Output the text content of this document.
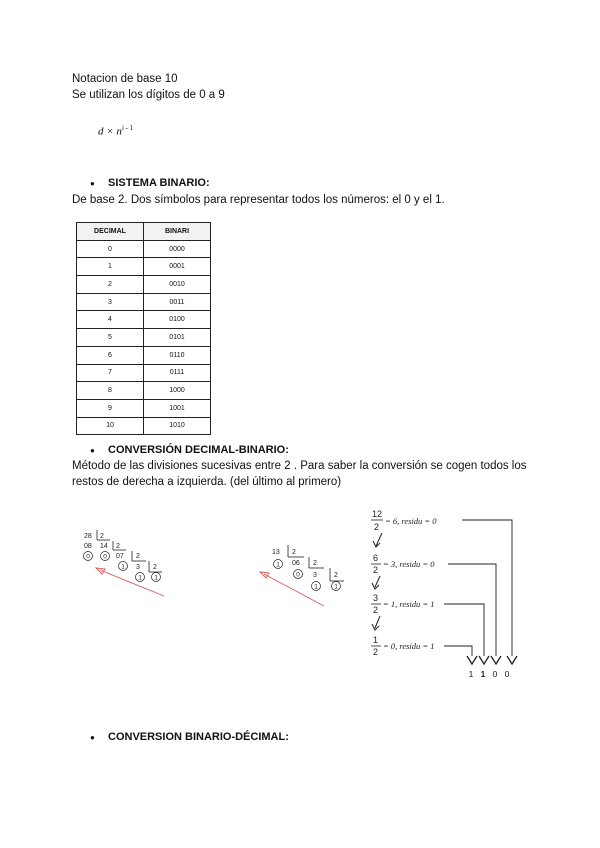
Notacion de base 10
Se utilizan los dígitos de 0 a 9
$d \times n^{i - 1}$
● SISTEMA BINARIO:
De base 2. Dos símbolos para representar todos los números: el 0 y el 1.
DECIMAL	BINARI
0	0000
1	0001
2	0010
3	0011
4	0100
5	0101
6	0110
7	0111
8	1000
9	1001
10	1010
● CONVERSIÓN DECIMAL-BINARIO:
Método de las divisiones sucesivas entre 2 . Para saber la conversión se cogen todos los
restos de derecha a izquierda. (del último al primero)
28 2
08 14 2
07 2
3 2
0 0
1
1 1
13 2
06 2
3 2
1
0
1	1
12
2
= 6, residu = 0
6
2
= 3, residu = 0
3
2
= 1, residu = 1
1
2
= 0, residu = 1
1 1 0 0
● CONVERSION BINARIO-DÉCIMAL:
